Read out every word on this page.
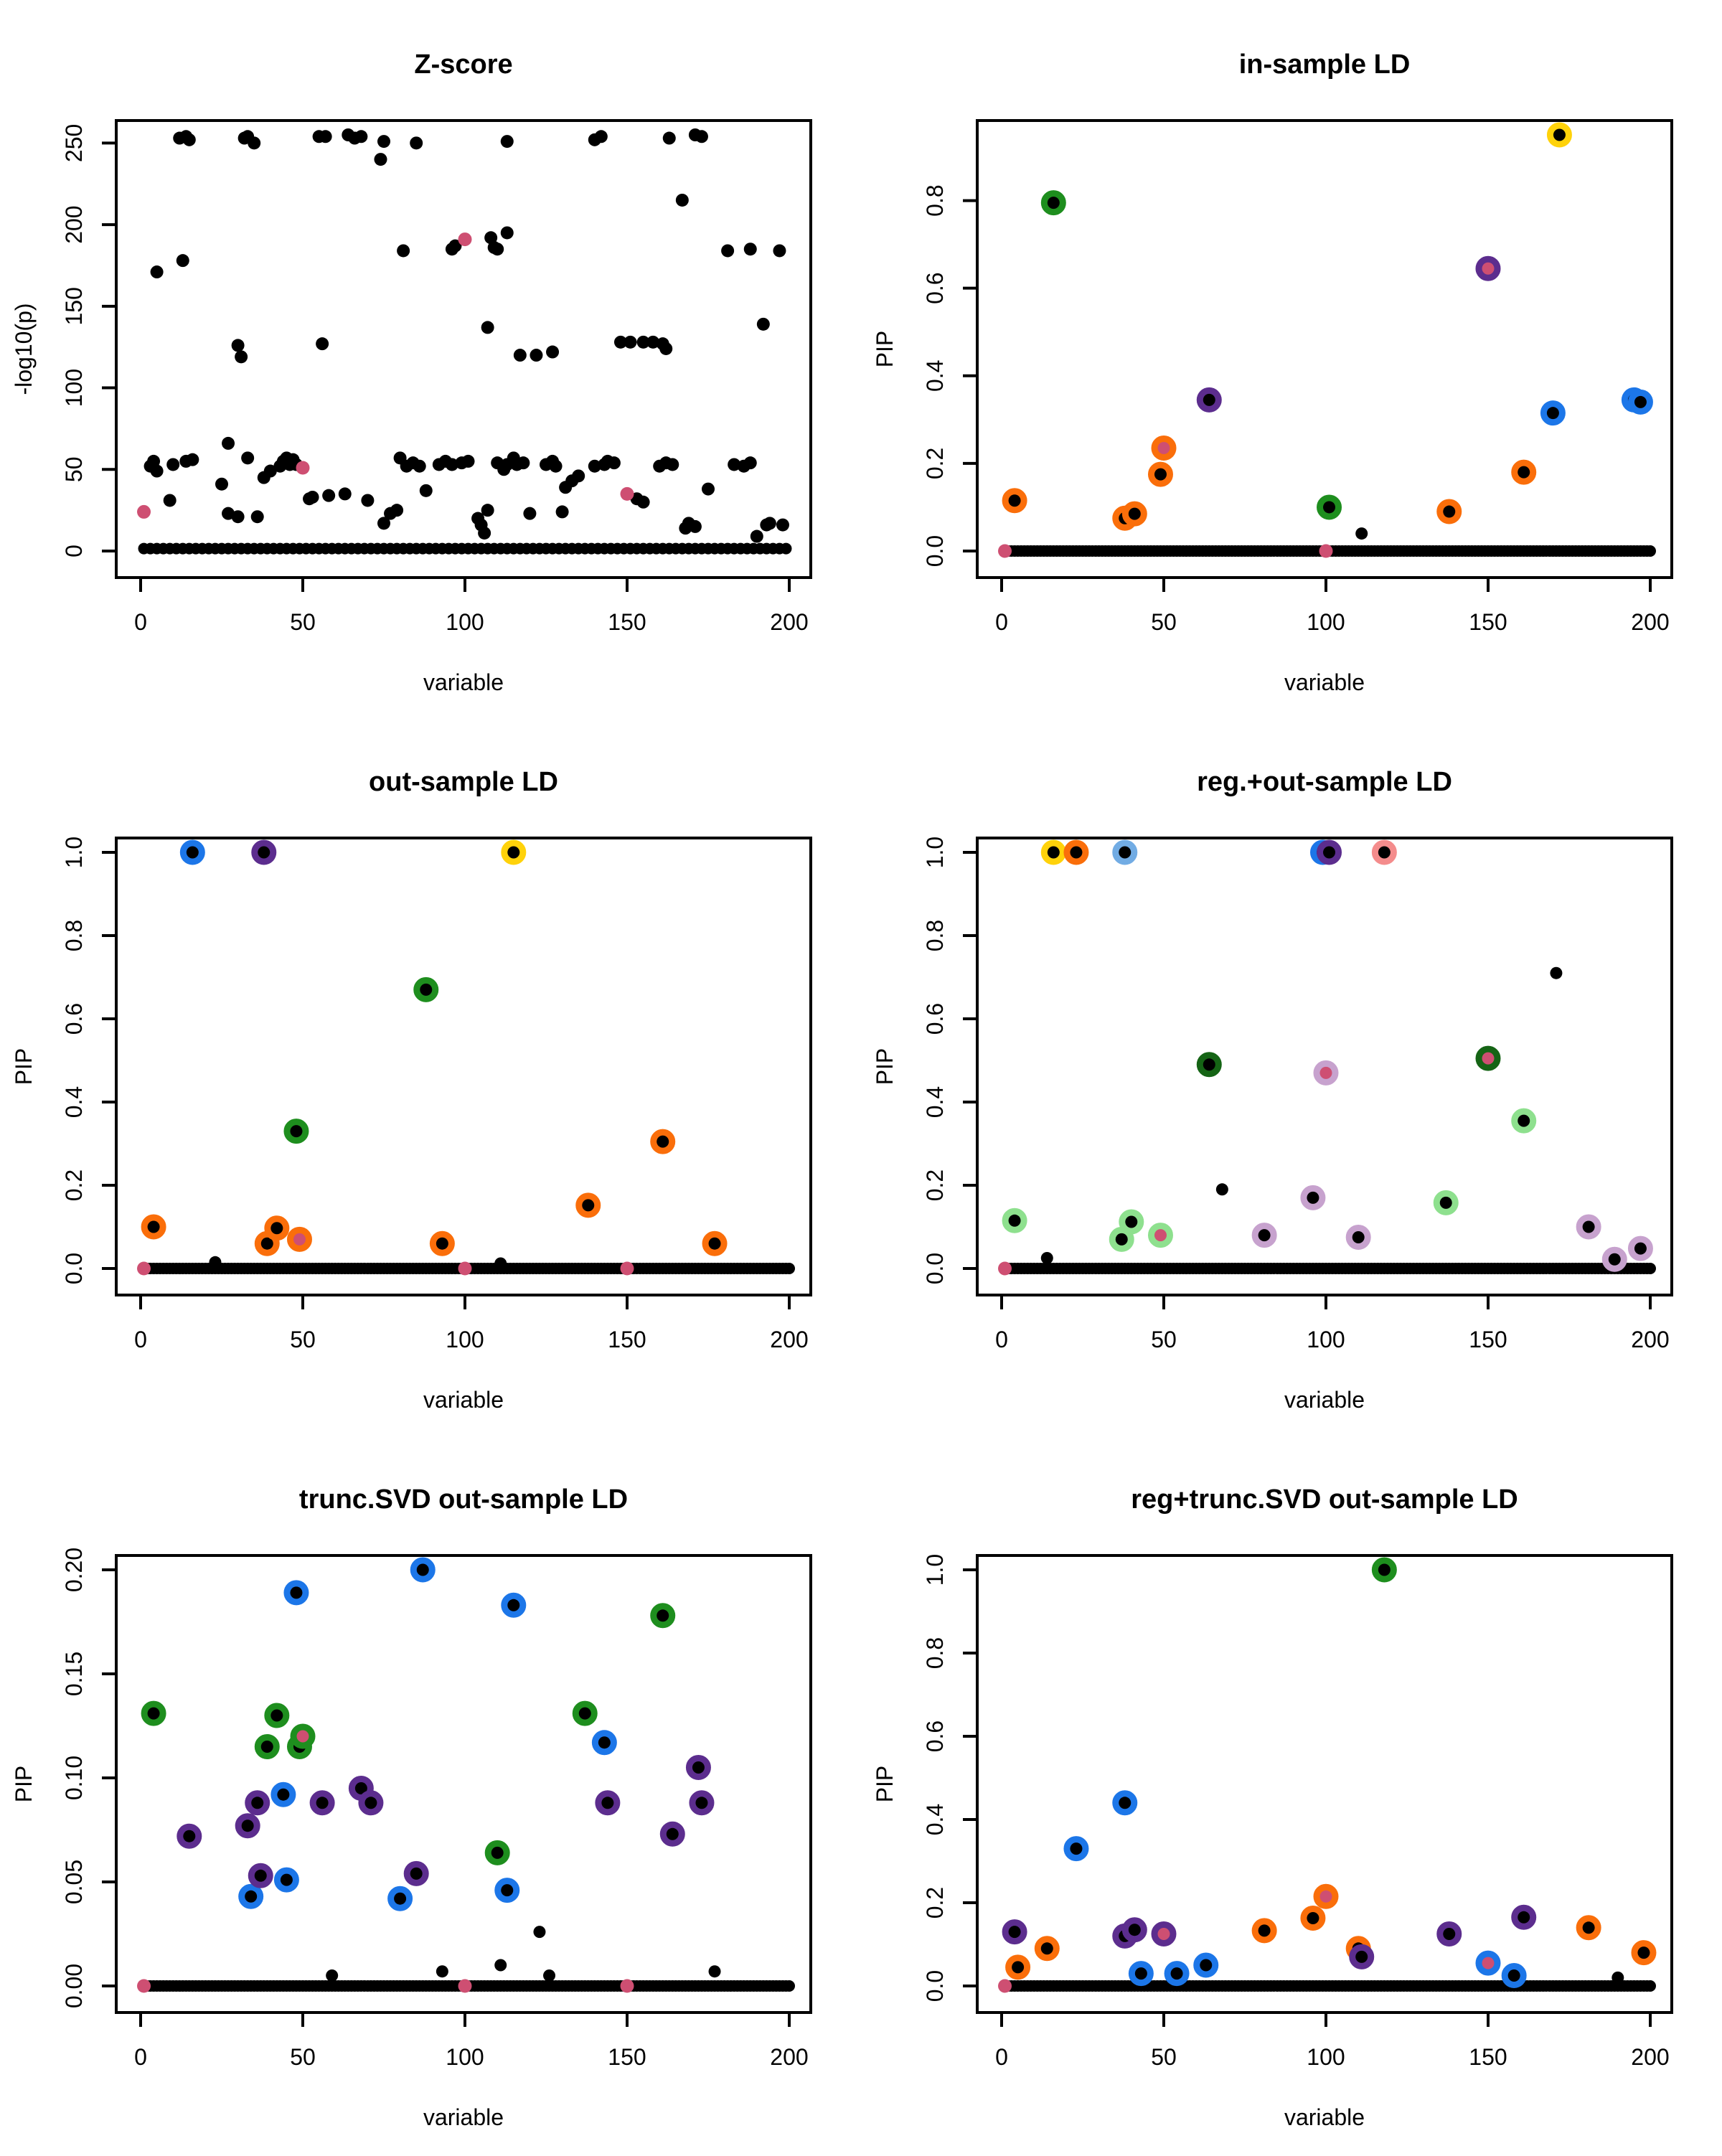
Z-score
variable
-log10(p)
0	50	100	150	200
0
50
100
150
200
250
in-sample LD
variable
PIP
0	50	100	150	200
0.0
0.2
0.4
0.6
0.8
out-sample LD
variable
PIP
0	50	100	150	200
0.0
0.2
0.4
0.6
0.8
1.0
reg.+out-sample LD
variable
PIP
0	50	100	150	200
0.0
0.2
0.4
0.6
0.8
1.0
trunc.SVD out-sample LD
variable
PIP
0	50	100	150	200
0.00
0.05
0.10
0.15
0.20
reg+trunc.SVD out-sample LD
variable
PIP
0	50	100	150	200
0.0
0.2
0.4
0.6
0.8
1.0
